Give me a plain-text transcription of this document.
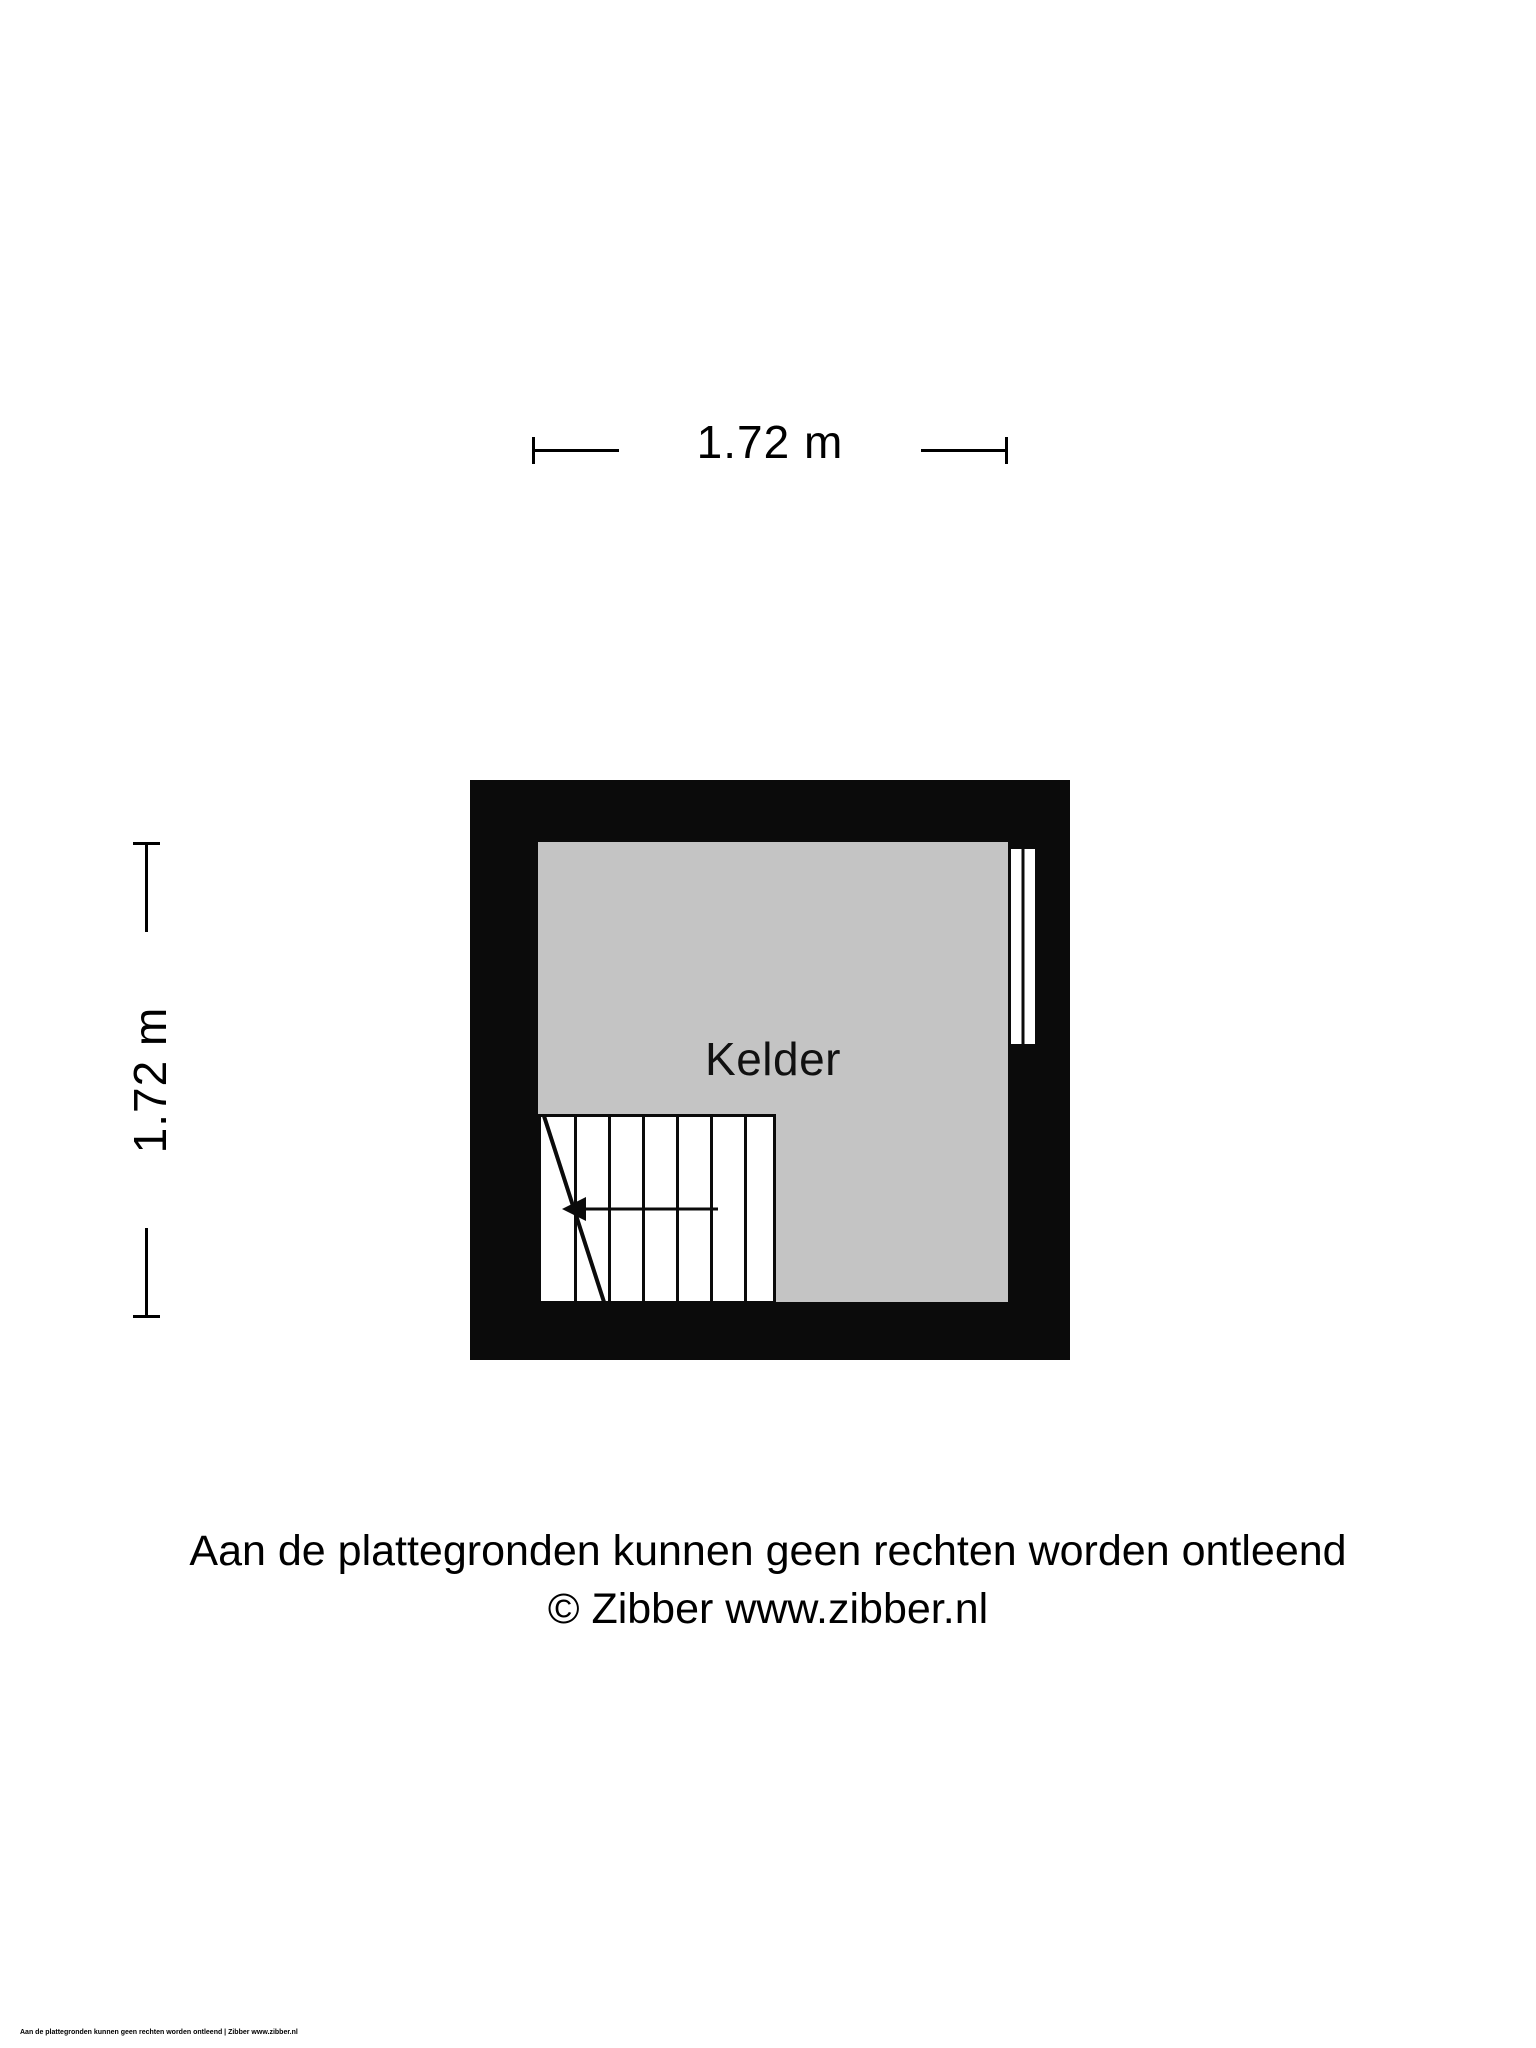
1.72 m
1.72 m	Kelder
Aan de plattegronden kunnen geen rechten worden ontleend
© Zibber www.zibber.nl
Aan de plattegronden kunnen geen rechten worden ontleend | Zibber www.zibber.nl
